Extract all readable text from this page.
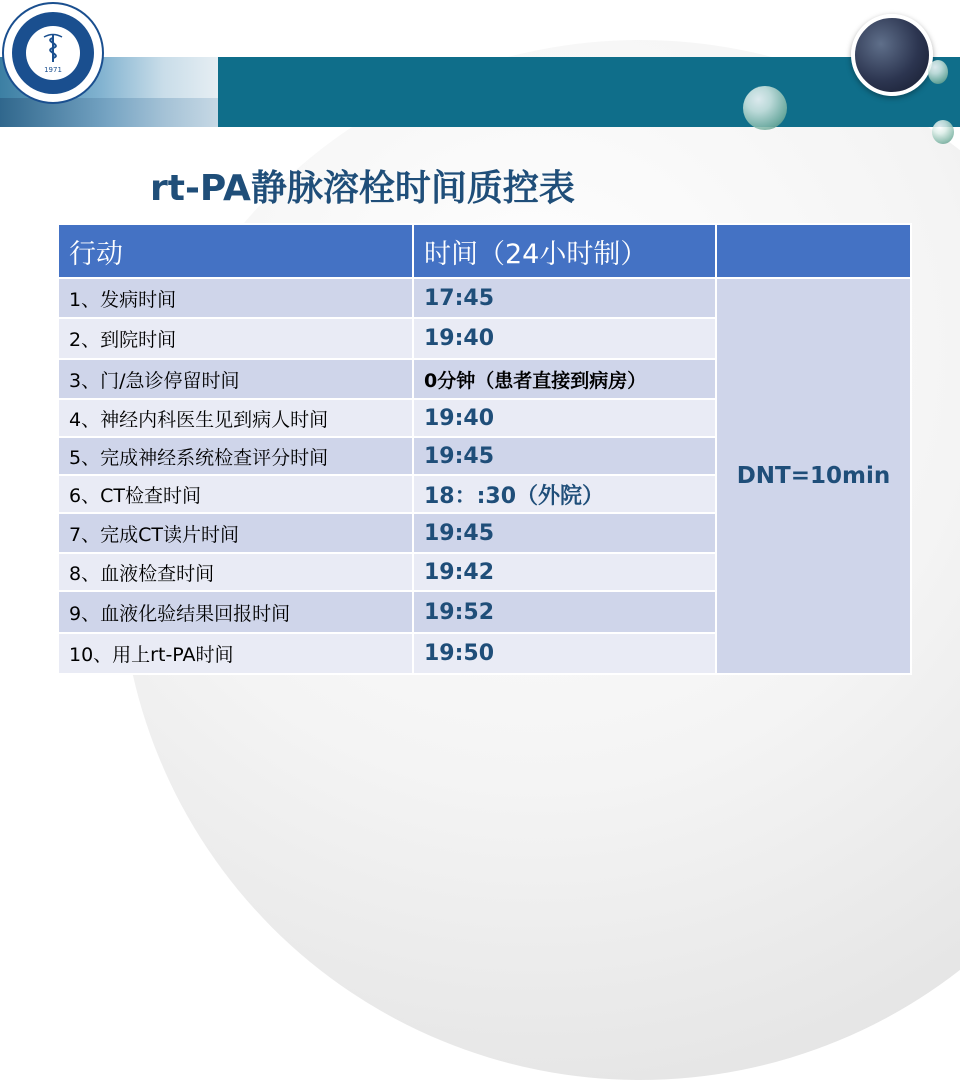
1971
rt-PA静脉溶栓时间质控表
行动	时间（24小时制）	
1、发病时间	17:45	DNT=10min
2、到院时间	19:40	
3、门/急诊停留时间	0分钟（患者直接到病房）	
4、神经内科医生见到病人时间	19:40	
5、完成神经系统检查评分时间	19:45	
6、CT检查时间	18：:30（外院）	
7、完成CT读片时间	19:45	
8、血液检查时间	19:42	
9、血液化验结果回报时间	19:52	
10、用上rt-PA时间	19:50	
